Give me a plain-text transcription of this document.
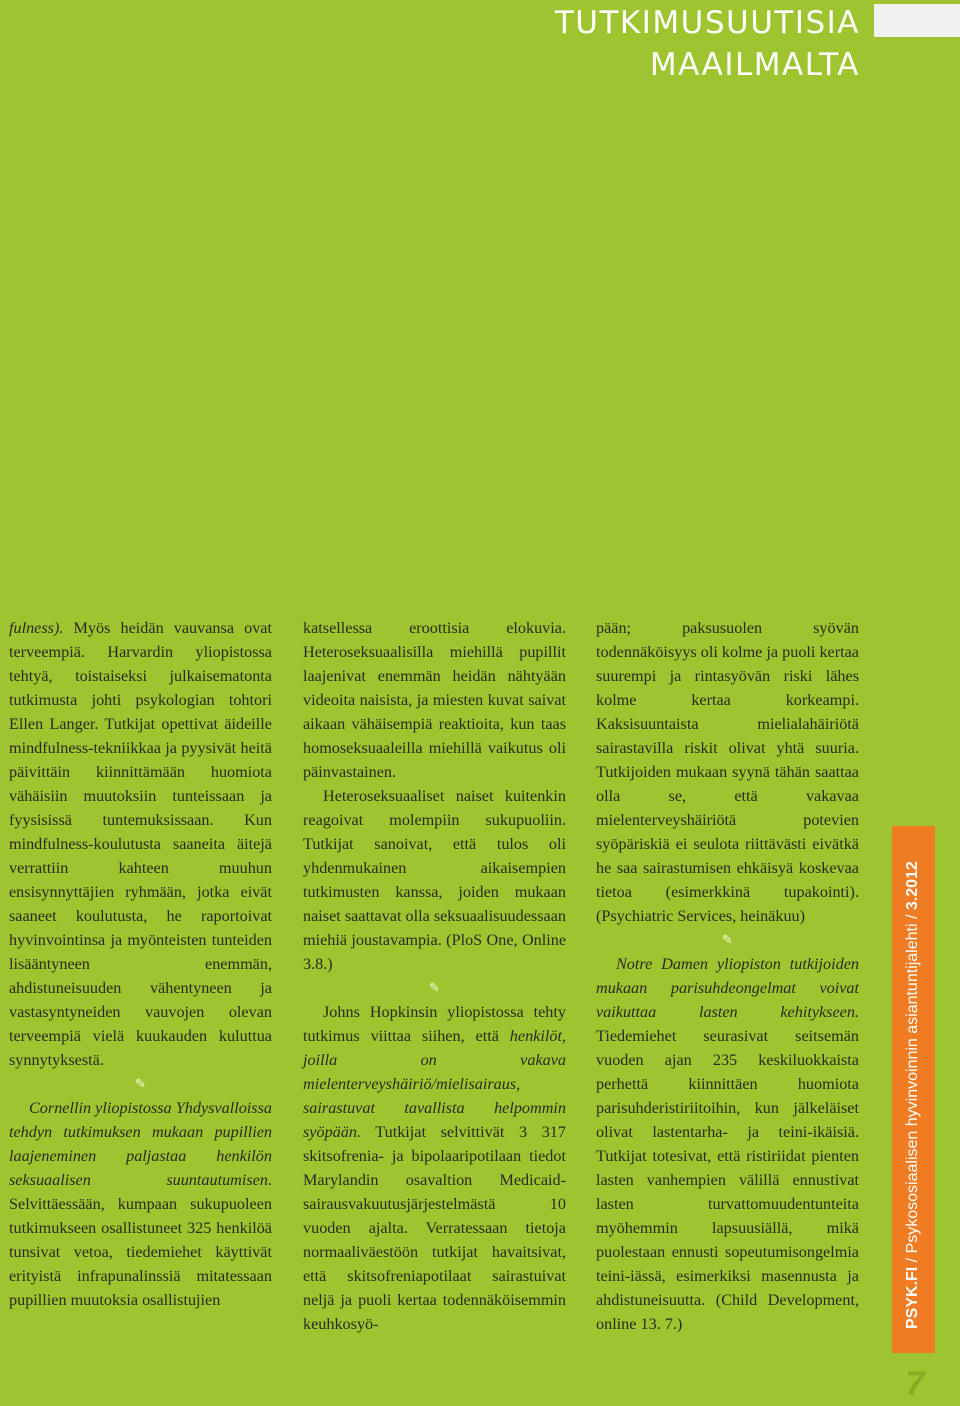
TUTKIMUSUUTISIA MAAILMALTA

fulness). Myös heidän vauvansa ovat terveempiä. Harvardin yliopistossa tehtyä, toistaiseksi julkaisematonta tutkimusta johti psykologian tohtori Ellen Langer. Tutkijat opettivat äideille mindfulness-tekniikkaa ja pyysivät heitä päivittäin kiinnittämään huomiota vähäisiin muutoksiin tunteissaan ja fyysisissä tuntemuksissaan. Kun mindfulness-koulutusta saaneita äitejä verrattiin kahteen muuhun ensisynnyttäjien ryhmään, jotka eivät saaneet koulutusta, he raportoivat hyvinvointinsa ja myönteisten tunteiden lisääntyneen enemmän, ahdistuneisuuden vähentyneen ja vastasyntyneiden vauvojen olevan terveempiä vielä kuukauden kuluttua synnytyksestä.

✎

Cornellin yliopistossa Yhdysvalloissa tehdyn tutkimuksen mukaan pupillien laajeneminen paljastaa henkilön seksuaalisen suuntautumisen. Selvittäessään, kumpaan sukupuoleen tutkimukseen osallistuneet 325 henkilöä tunsivat vetoa, tiedemiehet käyttivät erityistä infrapunalinssiä mitatessaan pupillien muutoksia osallistujien

katsellessa eroottisia elokuvia. Heteroseksuaalisilla miehillä pupillit laajenivat enemmän heidän nähtyään videoita naisista, ja miesten kuvat saivat aikaan vähäisempiä reaktioita, kun taas homoseksuaaleilla miehillä vaikutus oli päinvastainen.

Heteroseksuaaliset naiset kuitenkin reagoivat molempiin sukupuoliin. Tutkijat sanoivat, että tulos oli yhdenmukainen aikaisempien tutkimusten kanssa, joiden mukaan naiset saattavat olla seksuaalisuudessaan miehiä joustavampia. (PloS One, Online 3.8.)

✎

Johns Hopkinsin yliopistossa tehty tutkimus viittaa siihen, että henkilöt, joilla on vakava mielenterveyshäiriö/mielisairaus, sairastuvat tavallista helpommin syöpään. Tutkijat selvittivät 3 317 skitsofrenia- ja bipolaaripotilaan tiedot Marylandin osavaltion Medicaid-sairausvakuutusjärjestelmästä 10 vuoden ajalta. Verratessaan tietoja normaaliväestöön tutkijat havaitsivat, että skitsofreniapotilaat sairastuivat neljä ja puoli kertaa todennäköisemmin keuhkosyö-

pään; paksusuolen syövän todennäköisyys oli kolme ja puoli kertaa suurempi ja rintasyövän riski lähes kolme kertaa korkeampi. Kaksisuuntaista mielialahäiriötä sairastavilla riskit olivat yhtä suuria. Tutkijoiden mukaan syynä tähän saattaa olla se, että vakavaa mielenterveyshäiriötä potevien syöpäriskiä ei seulota riittävästi eivätkä he saa sairastumisen ehkäisyä koskevaa tietoa (esimerkkinä tupakointi). (Psychiatric Services, heinäkuu)

✎

Notre Damen yliopiston tutkijoiden mukaan parisuhdeongelmat voivat vaikuttaa lasten kehitykseen. Tiedemiehet seurasivat seitsemän vuoden ajan 235 keskiluokkaista perhettä kiinnittäen huomiota parisuhderistiriitoihin, kun jälkeläiset olivat lastentarha- ja teini-ikäisiä. Tutkijat totesivat, että ristiriidat pienten lasten vanhempien välillä ennustivat lasten turvattomuudentunteita myöhemmin lapsuusiällä, mikä puolestaan ennusti sopeutumisongelmia teini-iässä, esimerkiksi masennusta ja ahdistuneisuutta. (Child Development, online 13. 7.)	PSYK.FI / Psykososiaalisen hyvinvoinnin asiantuntijalehti / 3.2012
7
